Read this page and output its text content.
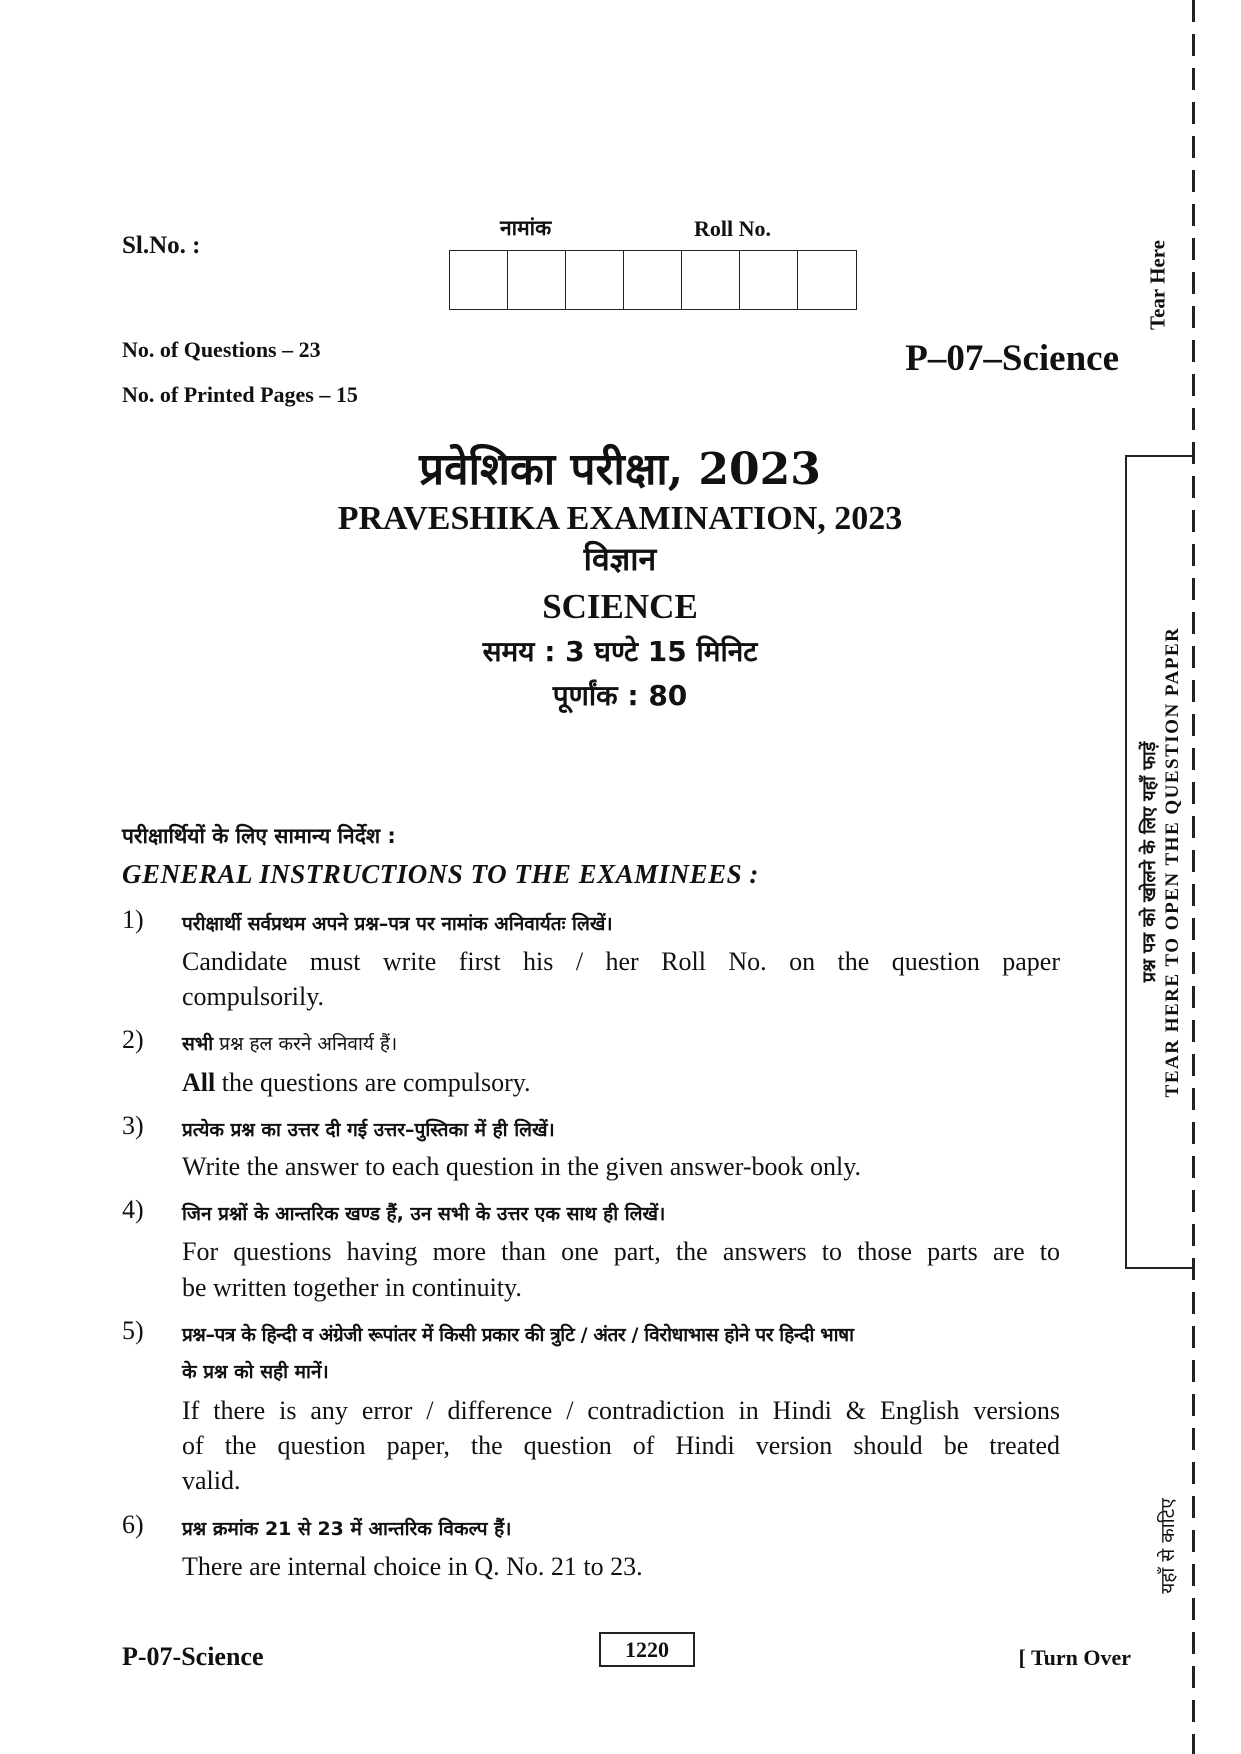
Sl.No. :
नामांक	Roll No.
No. of Questions – 23
No. of Printed Pages – 15
P–07–Science
Tear Here
प्रश्न पत्र को खोलने के लिए यहाँ फाड़ें TEAR HERE TO OPEN THE QUESTION PAPER
यहाँ से काटिए
प्रवेशिका परीक्षा, 2023
PRAVESHIKA EXAMINATION, 2023
विज्ञान
SCIENCE
समय : 3 घण्टे 15 मिनिट
पूर्णांक : 80
परीक्षार्थियों के लिए सामान्य निर्देश :
GENERAL INSTRUCTIONS TO THE EXAMINEES :
1) परीक्षार्थी सर्वप्रथम अपने प्रश्न–पत्र पर नामांक अनिवार्यतः लिखें।
Candidate must write first his / her Roll No. on the question paper
compulsorily.
2) सभी प्रश्न हल करने अनिवार्य हैं।
All the questions are compulsory.
3) प्रत्येक प्रश्न का उत्तर दी गई उत्तर–पुस्तिका में ही लिखें।
Write the answer to each question in the given answer-book only.
4) जिन प्रश्नों के आन्तरिक खण्ड हैं, उन सभी के उत्तर एक साथ ही लिखें।
For questions having more than one part, the answers to those parts are to
be written together in continuity.
5) प्रश्न–पत्र के हिन्दी व अंग्रेजी रूपांतर में किसी प्रकार की त्रुटि / अंतर / विरोधाभास होने पर हिन्दी भाषा
के प्रश्न को सही मानें।
If there is any error / difference / contradiction in Hindi & English versions
of the question paper, the question of Hindi version should be treated
valid.
6) प्रश्न क्रमांक 21 से 23 में आन्तरिक विकल्प हैं।
There are internal choice in Q. No. 21 to 23.
P-07-Science	1220	[ Turn Over
